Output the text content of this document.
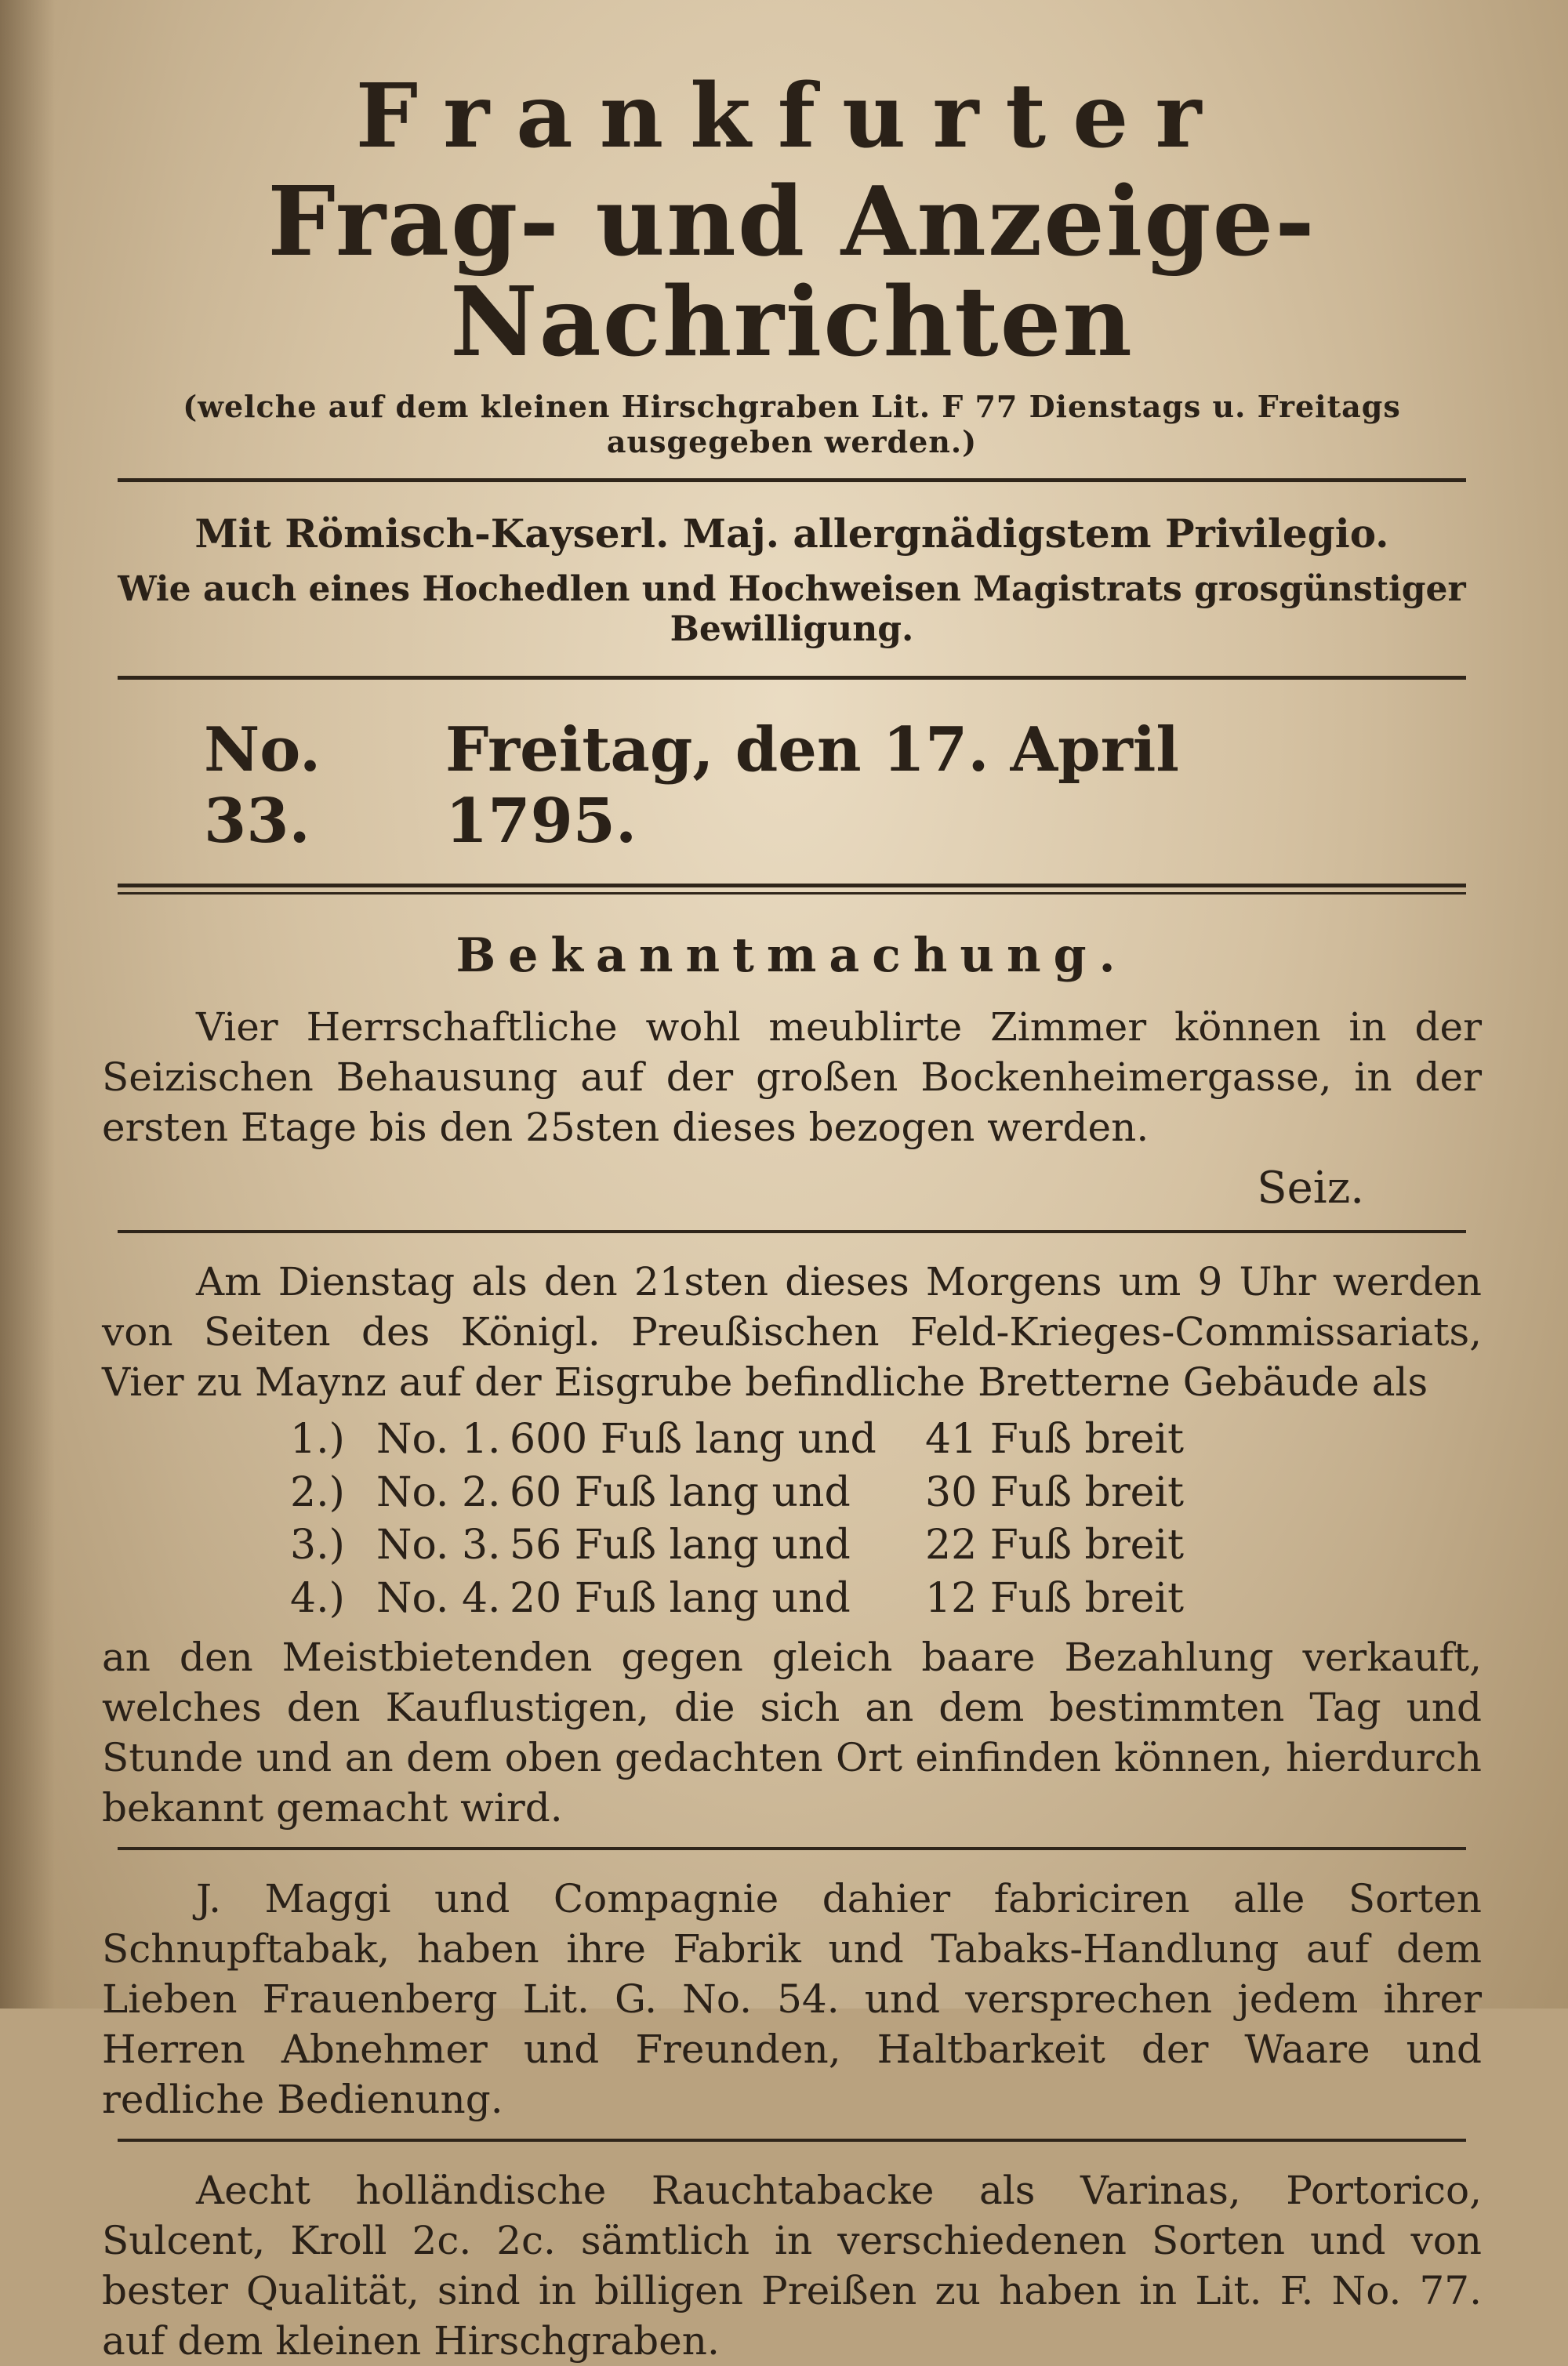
Frankfurter
Frag- und Anzeige-Nachrichten
(welche auf dem kleinen Hirschgraben Lit. F 77 Dienstags u. Freitags ausgegeben werden.)
Mit Römisch-Kayserl. Maj. allergnädigstem Privilegio.
Wie auch eines Hochedlen und Hochweisen Magistrats grosgünstiger Bewilligung.
No. 33.
Freitag, den 17. April 1795.
Bekanntmachung.

Vier Herrschaftliche wohl meublirte Zimmer können in der Seizischen Behausung auf der großen Bockenheimergasse, in der ersten Etage bis den 25sten dieses bezogen werden.

Seiz.

Am Dienstag als den 21sten dieses Morgens um 9 Uhr werden von Seiten des Königl. Preußischen Feld-Krieges-Commissariats, Vier zu Maynz auf der Eisgrube befindliche Bretterne Gebäude als

1.) No. 1. 600 Fuß lang und	41 Fuß breit
2.) No. 2. 60 Fuß lang und	30 Fuß breit
3.) No. 3. 56 Fuß lang und	22 Fuß breit
4.) No. 4. 20 Fuß lang und	12 Fuß breit

an den Meistbietenden gegen gleich baare Bezahlung verkauft, welches den Kauflustigen, die sich an dem bestimmten Tag und Stunde und an dem oben gedachten Ort einfinden können, hierdurch bekannt gemacht wird.

J. Maggi und Compagnie dahier fabriciren alle Sorten Schnupftabak, haben ihre Fabrik und Tabaks-Handlung auf dem Lieben Frauenberg Lit. G. No. 54. und versprechen jedem ihrer Herren Abnehmer und Freunden, Haltbarkeit der Waare und redliche Bedienung.

Aecht holländische Rauchtabacke als Varinas, Portorico, Sulcent, Kroll 2c. 2c. sämtlich in verschiedenen Sorten und von bester Qualität, sind in billigen Preißen zu haben in Lit. F. No. 77. auf dem kleinen Hirschgraben.
